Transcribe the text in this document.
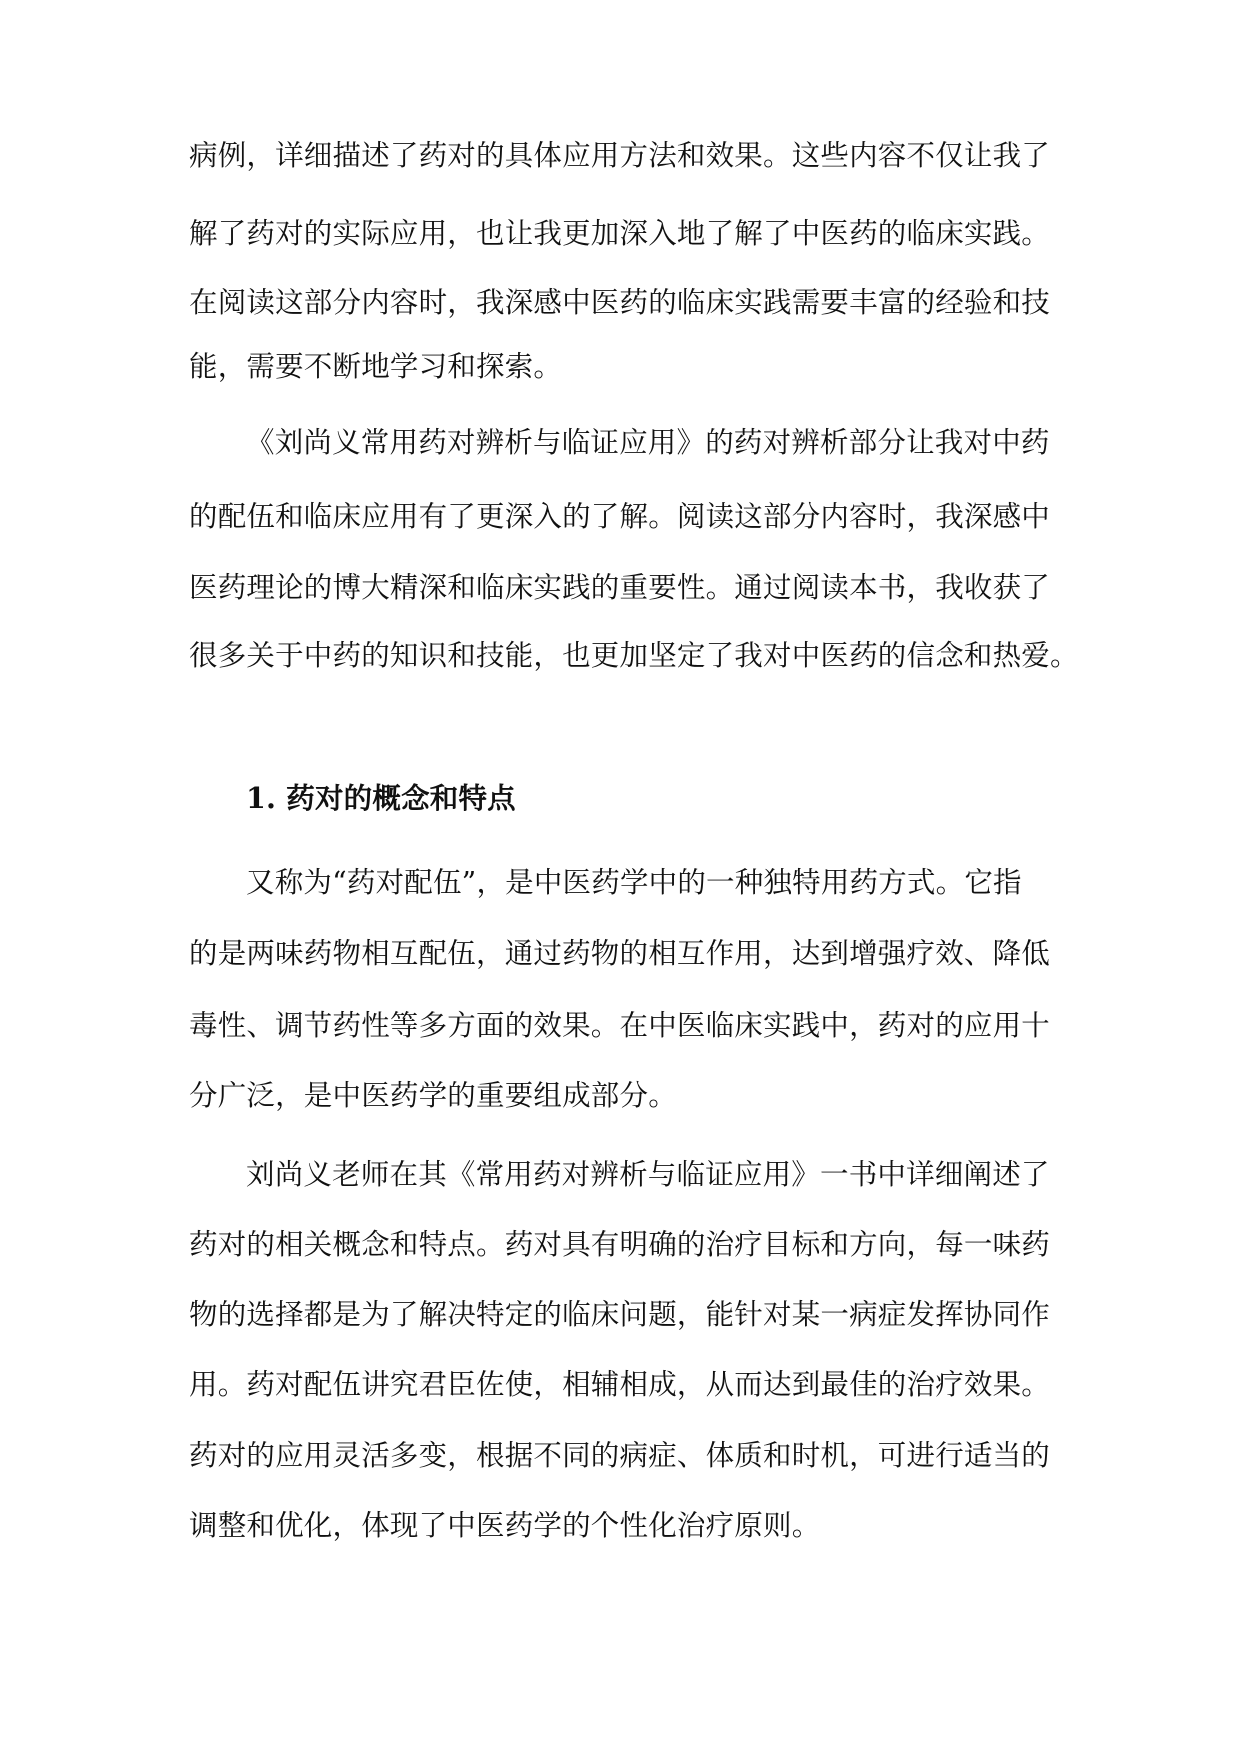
病例，详细描述了药对的具体应用方法和效果。这些内容不仅让我了
解了药对的实际应用，也让我更加深入地了解了中医药的临床实践。
在阅读这部分内容时，我深感中医药的临床实践需要丰富的经验和技
能，需要不断地学习和探索。
《刘尚义常用药对辨析与临证应用》的药对辨析部分让我对中药
的配伍和临床应用有了更深入的了解。阅读这部分内容时，我深感中
医药理论的博大精深和临床实践的重要性。通过阅读本书，我收获了
很多关于中药的知识和技能，也更加坚定了我对中医药的信念和热爱。
1. 药对的概念和特点
又称为“药对配伍”，是中医药学中的一种独特用药方式。它指
的是两味药物相互配伍，通过药物的相互作用，达到增强疗效、降低
毒性、调节药性等多方面的效果。在中医临床实践中，药对的应用十
分广泛，是中医药学的重要组成部分。
刘尚义老师在其《常用药对辨析与临证应用》一书中详细阐述了
药对的相关概念和特点。药对具有明确的治疗目标和方向，每一味药
物的选择都是为了解决特定的临床问题，能针对某一病症发挥协同作
用。药对配伍讲究君臣佐使，相辅相成，从而达到最佳的治疗效果。
药对的应用灵活多变，根据不同的病症、体质和时机，可进行适当的
调整和优化，体现了中医药学的个性化治疗原则。
